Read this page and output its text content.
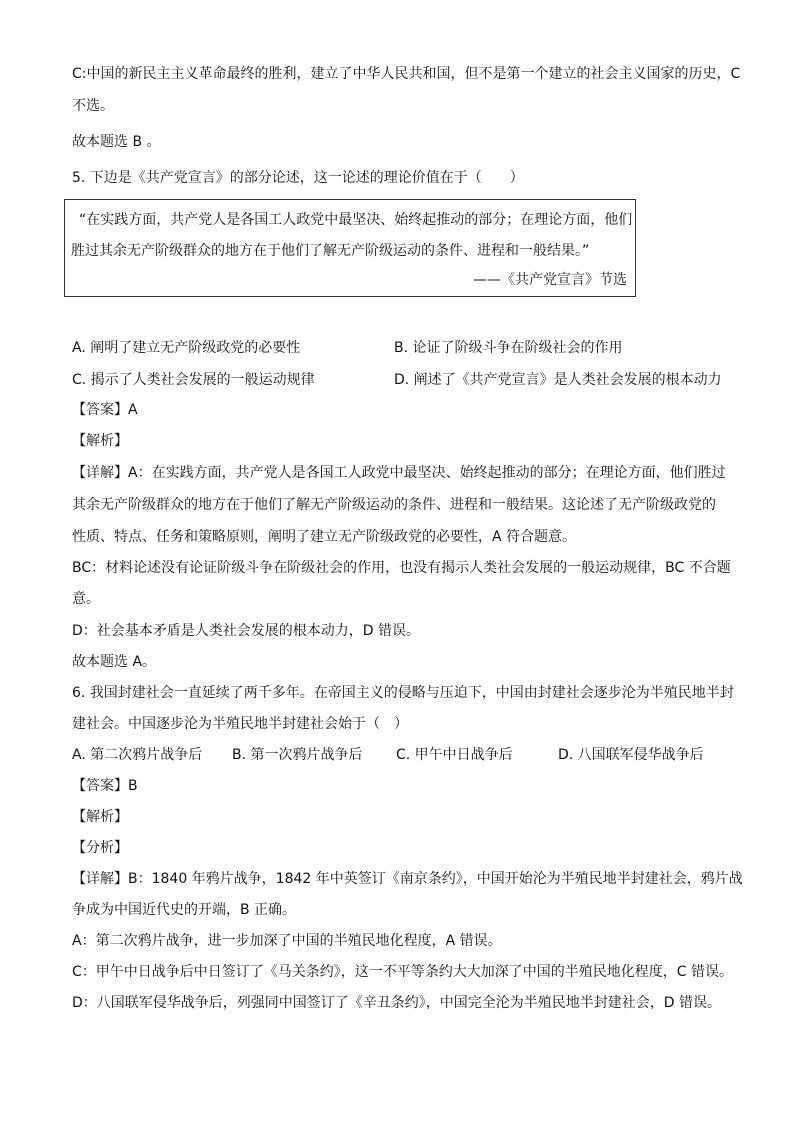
C:中国的新民主主义革命最终的胜利，建立了中华人民共和国，但不是第一个建立的社会主义国家的历史，C
不选。
故本题选 B 。
5. 下边是《共产党宣言》的部分论述，这一论述的理论价值在于（　　）
“在实践方面，共产党人是各国工人政党中最坚决、始终起推动的部分；在理论方面，他们
胜过其余无产阶级群众的地方在于他们了解无产阶级运动的条件、进程和一般结果。”
——《共产党宣言》节选
A. 阐明了建立无产阶级政党的必要性	B. 论证了阶级斗争在阶级社会的作用
C. 揭示了人类社会发展的一般运动规律	D. 阐述了《共产党宣言》是人类社会发展的根本动力
【答案】A
【解析】
【详解】A：在实践方面，共产党人是各国工人政党中最坚决、始终起推动的部分；在理论方面，他们胜过
其余无产阶级群众的地方在于他们了解无产阶级运动的条件、进程和一般结果。这论述了无产阶级政党的
性质、特点、任务和策略原则，阐明了建立无产阶级政党的必要性，A 符合题意。
BC：材料论述没有论证阶级斗争在阶级社会的作用，也没有揭示人类社会发展的一般运动规律，BC 不合题
意。
D：社会基本矛盾是人类社会发展的根本动力，D 错误。
故本题选 A。
6. 我国封建社会一直延续了两千多年。在帝国主义的侵略与压迫下，中国由封建社会逐步沦为半殖民地半封
建社会。中国逐步沦为半殖民地半封建社会始于（　）
A. 第二次鸦片战争后 B. 第一次鸦片战争后 C. 甲午中日战争后	D. 八国联军侵华战争后
【答案】B
【解析】
【分析】
【详解】B：1840 年鸦片战争，1842 年中英签订《南京条约》，中国开始沦为半殖民地半封建社会，鸦片战
争成为中国近代史的开端，B 正确。
A：第二次鸦片战争，进一步加深了中国的半殖民地化程度，A 错误。
C：甲午中日战争后中日签订了《马关条约》，这一不平等条约大大加深了中国的半殖民地化程度，C 错误。
D：八国联军侵华战争后，列强同中国签订了《辛丑条约》，中国完全沦为半殖民地半封建社会，D 错误。
